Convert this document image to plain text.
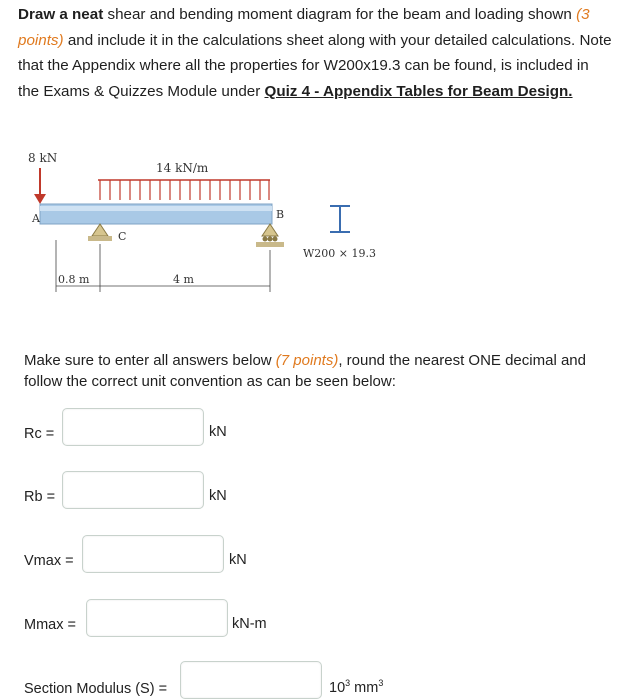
Draw a neat shear and bending moment diagram for the beam and loading shown (3 points) and include it in the calculations sheet along with your detailed calculations. Note that the Appendix where all the properties for W200x19.3 can be found, is included in the Exams & Quizzes Module under Quiz 4 - Appendix Tables for Beam Design.
8 kN
14 kN/m
A	B
C
0.8 m	4 m
W200 × 19.3
Make sure to enter all answers below (7 points), round the nearest ONE decimal and follow the correct unit convention as can be seen below:
Rc =	kN
Rb =	kN
Vmax =	kN
Mmax =	kN-m
Section Modulus (S) =	$10^3$ $mm^3$
